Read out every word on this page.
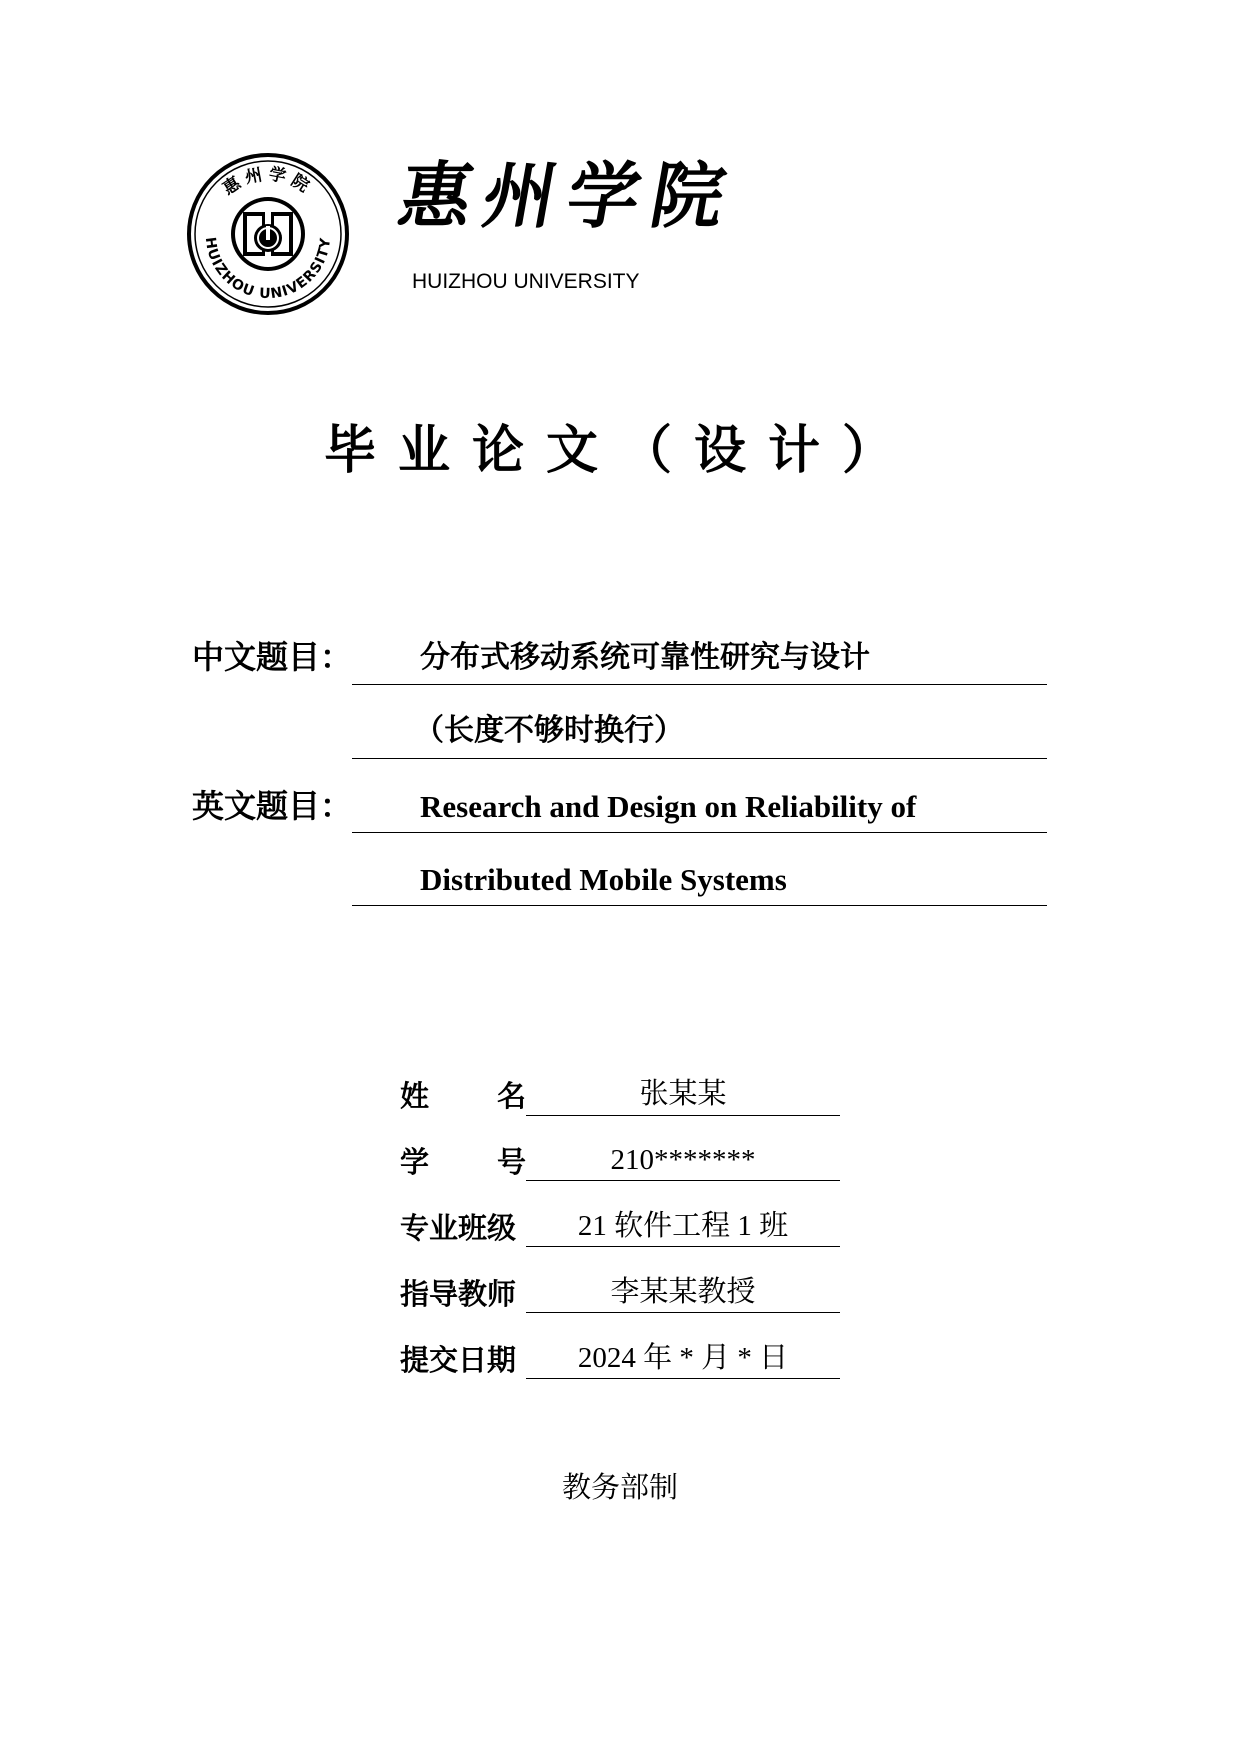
惠州学院
HUIZHOU UNIVERSITY
惠州学院
HUIZHOU UNIVERSITY
毕业论文（设计）
中文题目： 分布式移动系统可靠性研究与设计
（长度不够时换行）
英文题目： Research and Design on Reliability of
Distributed Mobile Systems
姓 名	张某某
学 号	210*******
专业班级	21 软件工程 1 班
指导教师	李某某教授
提交日期	2024 年 * 月 * 日
教务部制
